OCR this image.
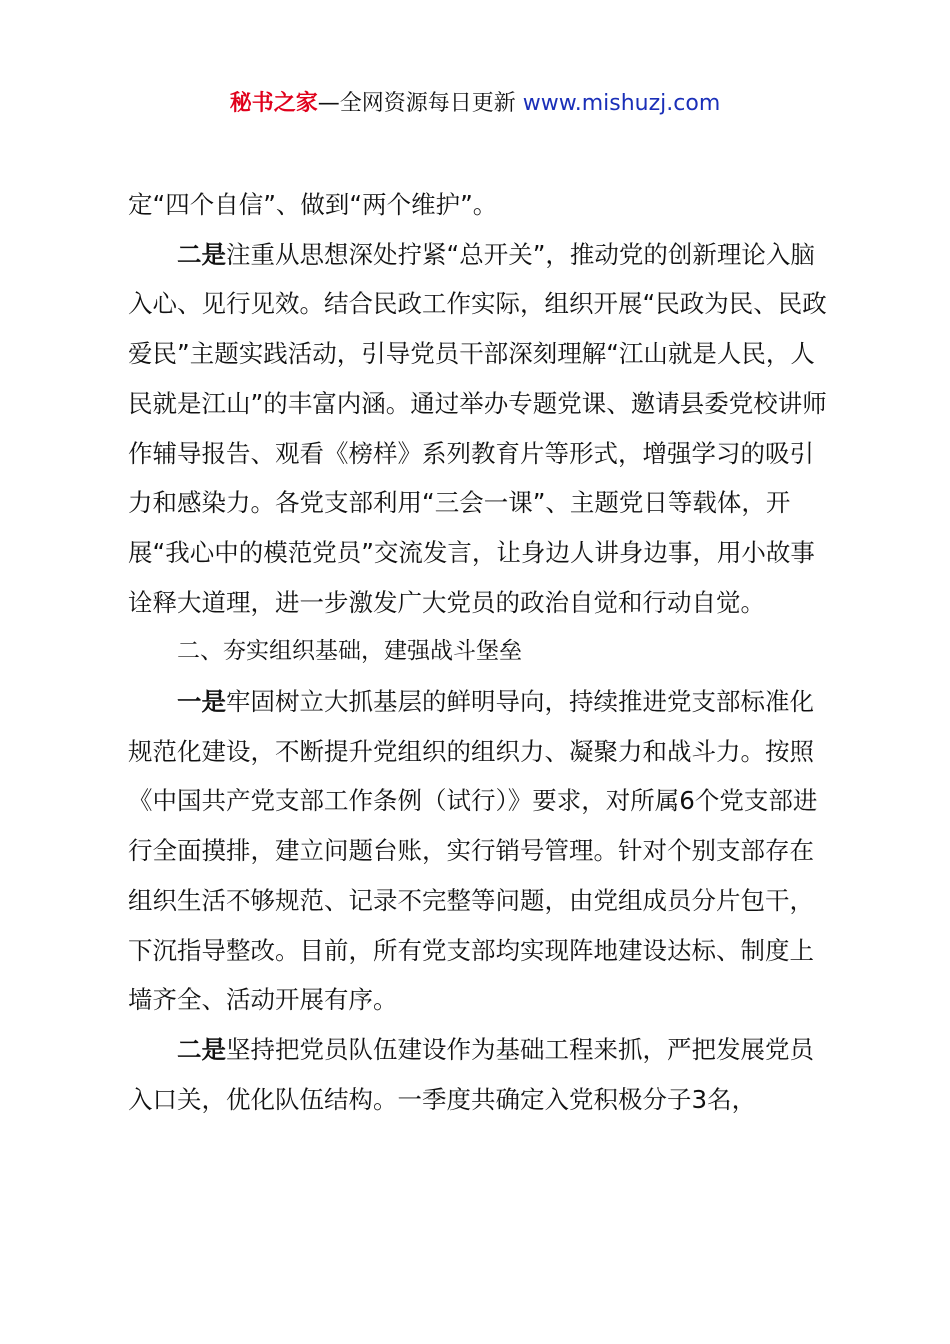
秘书之家—全网资源每日更新 www.mishuzj.com

定“四个自信”、做到“两个维护”。

二是注重从思想深处拧紧“总开关”，推动党的创新理论入脑入心、见行见效。结合民政工作实际，组织开展“民政为民、民政爱民”主题实践活动，引导党员干部深刻理解“江山就是人民，人民就是江山”的丰富内涵。通过举办专题党课、邀请县委党校讲师作辅导报告、观看《榜样》系列教育片等形式，增强学习的吸引力和感染力。各党支部利用“三会一课”、主题党日等载体，开展“我心中的模范党员”交流发言，让身边人讲身边事，用小故事诠释大道理，进一步激发广大党员的政治自觉和行动自觉。

二、夯实组织基础，建强战斗堡垒

一是牢固树立大抓基层的鲜明导向，持续推进党支部标准化规范化建设，不断提升党组织的组织力、凝聚力和战斗力。按照《中国共产党支部工作条例（试行）》要求，对所属6个党支部进行全面摸排，建立问题台账，实行销号管理。针对个别支部存在组织生活不够规范、记录不完整等问题，由党组成员分片包干，下沉指导整改。目前，所有党支部均实现阵地建设达标、制度上墙齐全、活动开展有序。

二是坚持把党员队伍建设作为基础工程来抓，严把发展党员入口关，优化队伍结构。一季度共确定入党积极分子3名，
